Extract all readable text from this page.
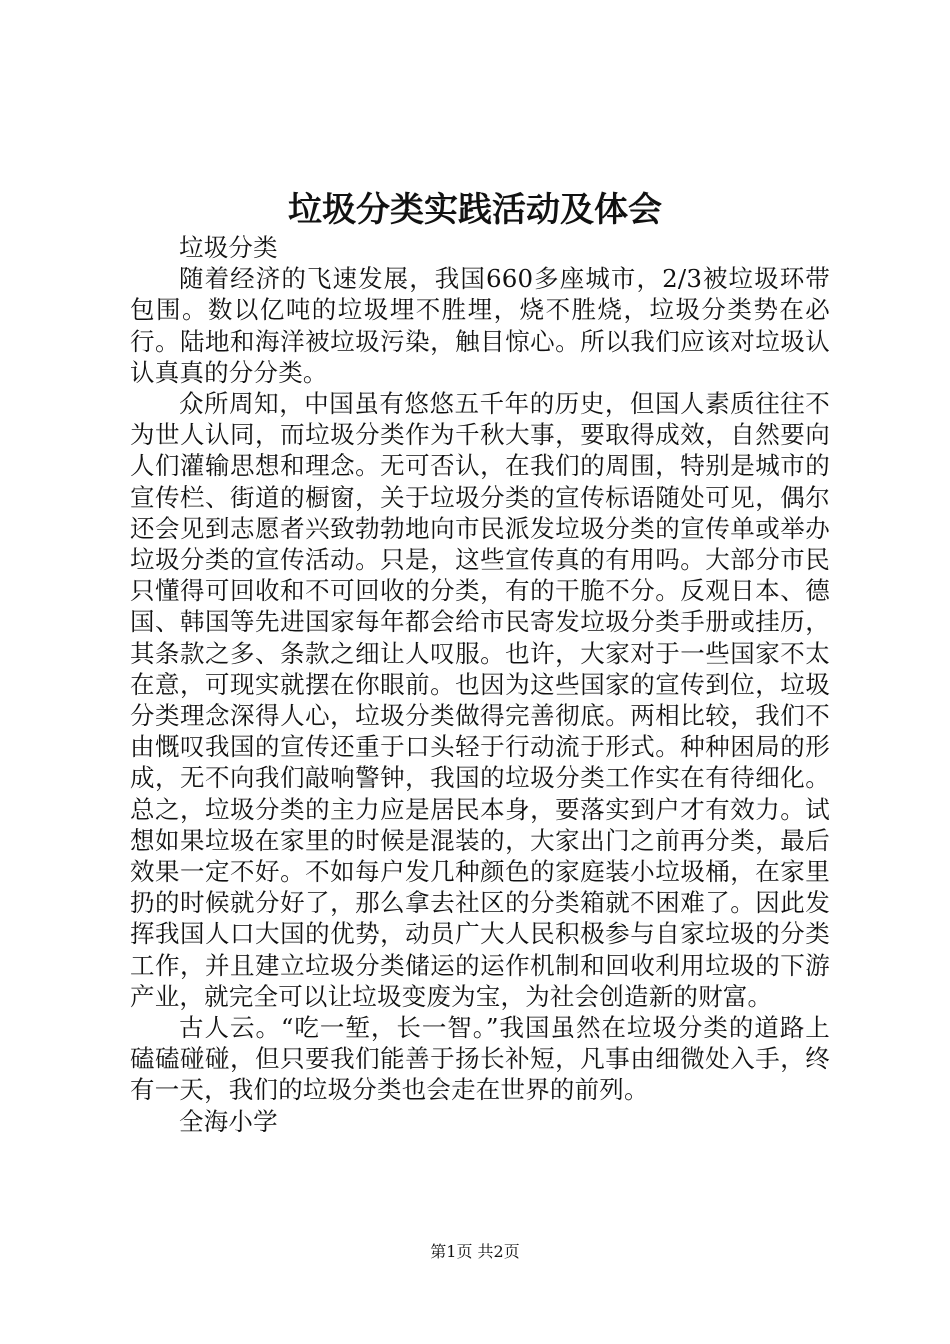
垃圾分类实践活动及体会

垃圾分类

随着经济的飞速发展，我国660多座城市，2/3被垃圾环带包围。数以亿吨的垃圾埋不胜埋，烧不胜烧，垃圾分类势在必行。陆地和海洋被垃圾污染，触目惊心。所以我们应该对垃圾认认真真的分分类。

众所周知，中国虽有悠悠五千年的历史，但国人素质往往不为世人认同，而垃圾分类作为千秋大事，要取得成效，自然要向人们灌输思想和理念。无可否认，在我们的周围，特别是城市的宣传栏、街道的橱窗，关于垃圾分类的宣传标语随处可见，偶尔还会见到志愿者兴致勃勃地向市民派发垃圾分类的宣传单或举办垃圾分类的宣传活动。只是，这些宣传真的有用吗。大部分市民只懂得可回收和不可回收的分类，有的干脆不分。反观日本、德国、韩国等先进国家每年都会给市民寄发垃圾分类手册或挂历，其条款之多、条款之细让人叹服。也许，大家对于一些国家不太在意，可现实就摆在你眼前。也因为这些国家的宣传到位，垃圾分类理念深得人心，垃圾分类做得完善彻底。两相比较，我们不由慨叹我国的宣传还重于口头轻于行动流于形式。种种困局的形成，无不向我们敲响警钟，我国的垃圾分类工作实在有待细化。总之，垃圾分类的主力应是居民本身，要落实到户才有效力。试想如果垃圾在家里的时候是混装的，大家出门之前再分类，最后效果一定不好。不如每户发几种颜色的家庭装小垃圾桶，在家里扔的时候就分好了，那么拿去社区的分类箱就不困难了。因此发挥我国人口大国的优势，动员广大人民积极参与自家垃圾的分类工作，并且建立垃圾分类储运的运作机制和回收利用垃圾的下游产业，就完全可以让垃圾变废为宝，为社会创造新的财富。

古人云。“吃一堑，长一智。”我国虽然在垃圾分类的道路上磕磕碰碰，但只要我们能善于扬长补短，凡事由细微处入手，终有一天，我们的垃圾分类也会走在世界的前列。

全海小学

第1页 共2页
